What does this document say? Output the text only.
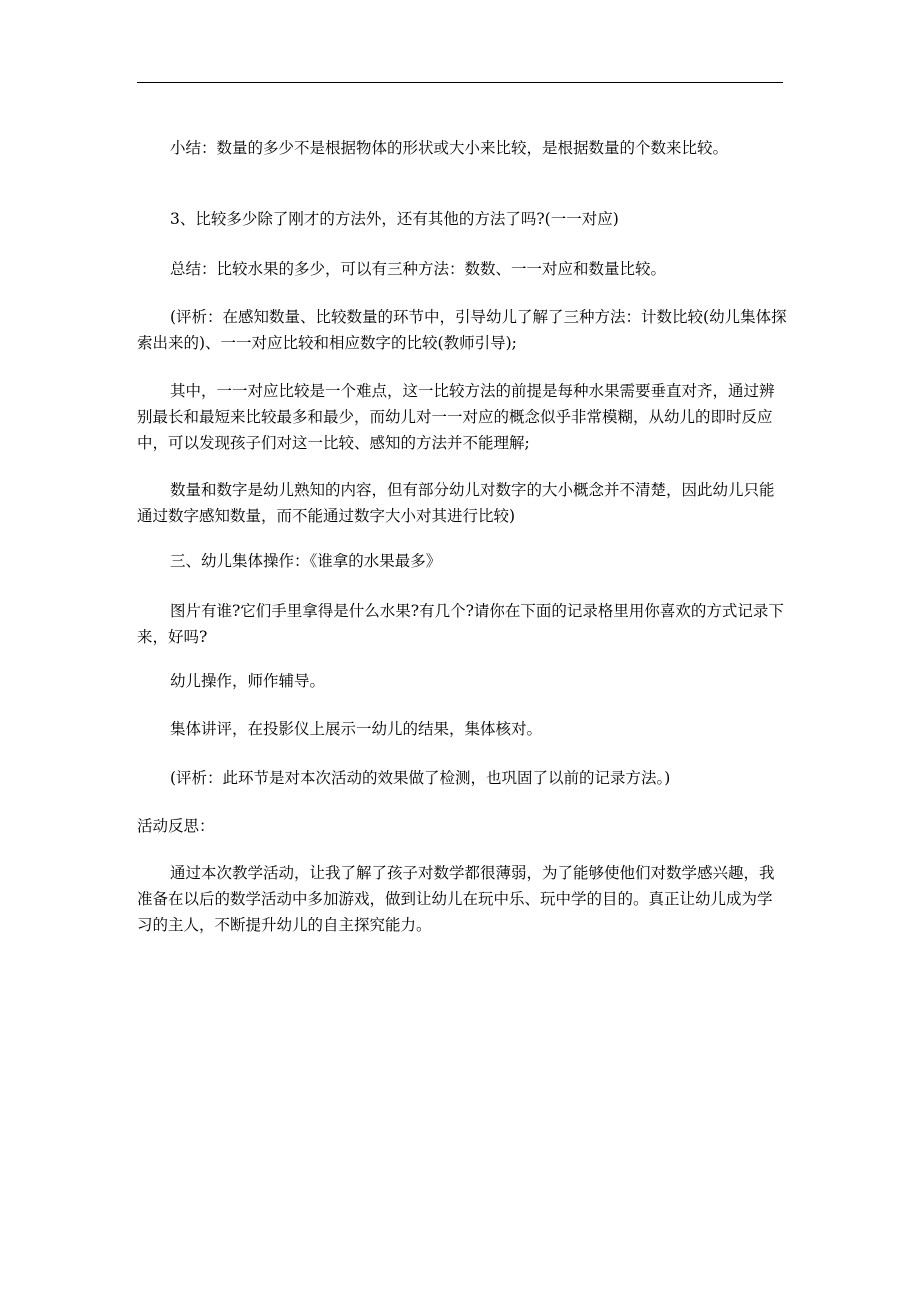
小结：数量的多少不是根据物体的形状或大小来比较，是根据数量的个数来比较。

3、比较多少除了刚才的方法外，还有其他的方法了吗?(一一对应)

总结：比较水果的多少，可以有三种方法：数数、一一对应和数量比较。

(评析：在感知数量、比较数量的环节中，引导幼儿了解了三种方法：计数比较(幼儿集体探索出来的)、一一对应比较和相应数字的比较(教师引导);

其中，一一对应比较是一个难点，这一比较方法的前提是每种水果需要垂直对齐，通过辨别最长和最短来比较最多和最少，而幼儿对一一对应的概念似乎非常模糊，从幼儿的即时反应中，可以发现孩子们对这一比较、感知的方法并不能理解;

数量和数字是幼儿熟知的内容，但有部分幼儿对数字的大小概念并不清楚，因此幼儿只能通过数字感知数量，而不能通过数字大小对其进行比较)

三、幼儿集体操作：《谁拿的水果最多》

图片有谁?它们手里拿得是什么水果?有几个?请你在下面的记录格里用你喜欢的方式记录下来，好吗?

幼儿操作，师作辅导。

集体讲评，在投影仪上展示一幼儿的结果，集体核对。

(评析：此环节是对本次活动的效果做了检测，也巩固了以前的记录方法。)

活动反思：

通过本次教学活动，让我了解了孩子对数学都很薄弱，为了能够使他们对数学感兴趣，我准备在以后的数学活动中多加游戏，做到让幼儿在玩中乐、玩中学的目的。真正让幼儿成为学习的主人，不断提升幼儿的自主探究能力。
